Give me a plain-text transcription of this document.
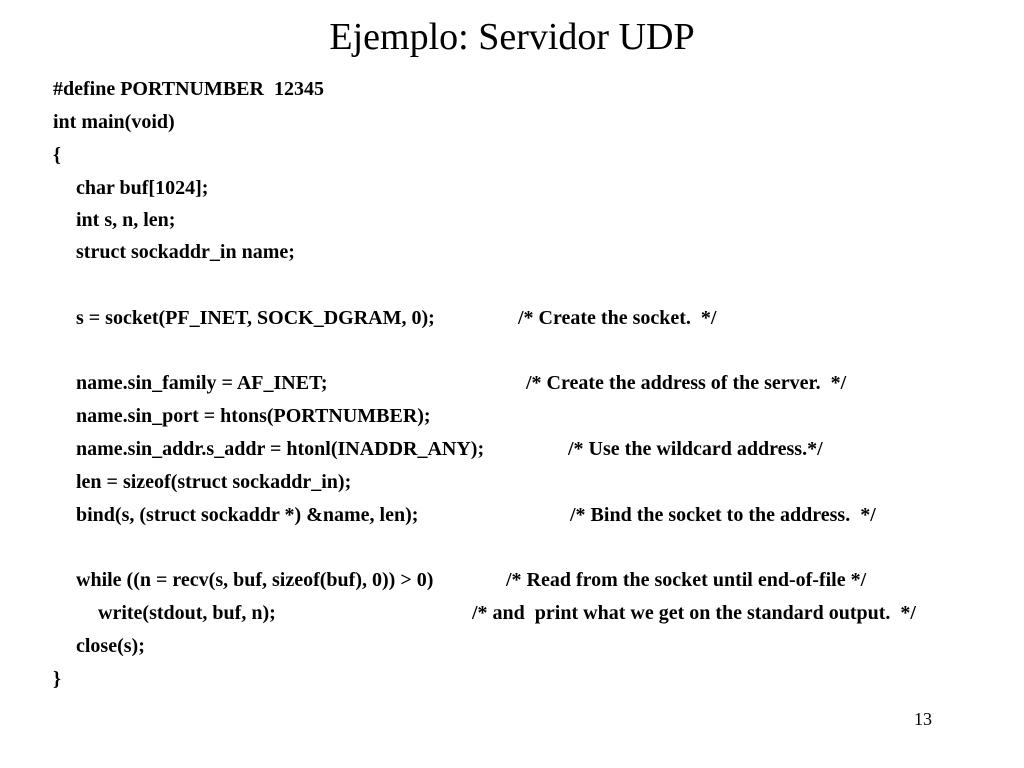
Ejemplo: Servidor UDP
#define PORTNUMBER  12345
int main(void)
{
char buf[1024];
int s, n, len;
struct sockaddr_in name;
s = socket(PF_INET, SOCK_DGRAM, 0);	/* Create the socket.  */
name.sin_family = AF_INET;	/* Create the address of the server.  */
name.sin_port = htons(PORTNUMBER);
name.sin_addr.s_addr = htonl(INADDR_ANY);	/* Use the wildcard address.*/
len = sizeof(struct sockaddr_in);
bind(s, (struct sockaddr *) &name, len);	/* Bind the socket to the address.  */
while ((n = recv(s, buf, sizeof(buf), 0)) > 0)	/* Read from the socket until end-of-file */
write(stdout, buf, n);	/* and  print what we get on the standard output.  */
close(s);
}
13
